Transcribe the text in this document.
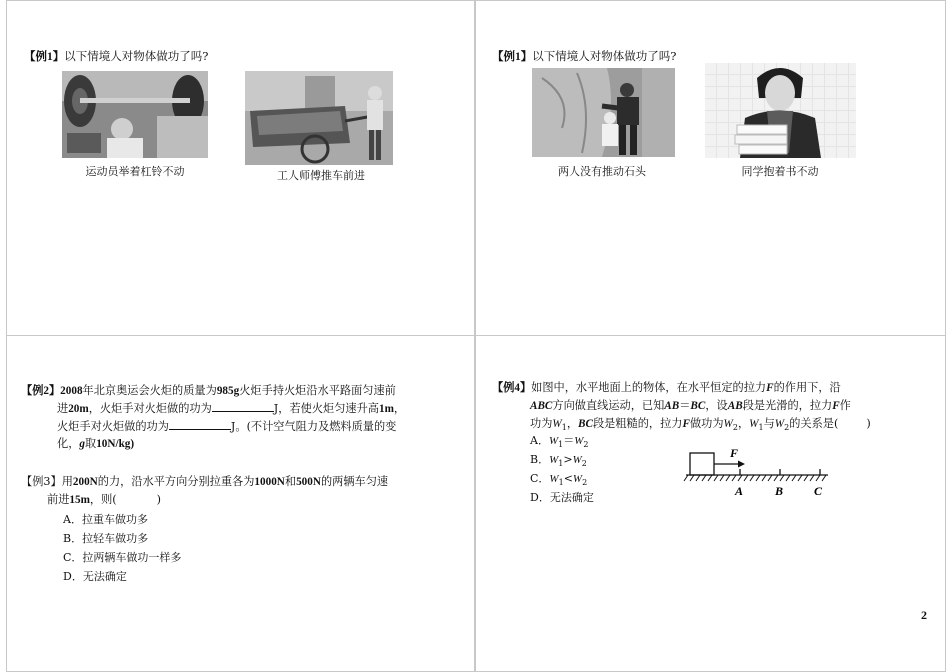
【例1】以下情境人对物体做功了吗?
运动员举着杠铃不动	工人师傅推车前进
【例1】以下情境人对物体做功了吗?
两人没有推动石头	同学抱着书不动
【例2】2008年北京奥运会火炬的质量为985g火炬手持火炬沿水平路面匀速前
进20m，火炬手对火炬做的功为	J，若使火炬匀速升高1m，
火炬手对火炬做的功为	J。(不计空气阻力及燃料质量的变
化，g取10N/kg)
【例3】用200N的力，沿水平方向分别拉重各为1000N和500N的两辆车匀速
前进15m，则(	)
A．拉重车做功多
B．拉轻车做功多
C．拉两辆车做功一样多
D．无法确定
【例4】如图中，水平地面上的物体，在水平恒定的拉力F的作用下，沿
ABC方向做直线运动，已知AB＝BC，设AB段是光滑的，拉力F作
功为$W_1$，BC段是粗糙的，拉力F做功为$W_2$，$W_1$与$W_2$的关系是(	)
A．$W_1=W_2$
B．$W_1>W_2$
C．$W_1<W_2$
D．无法确定
F
A	B	C
2
